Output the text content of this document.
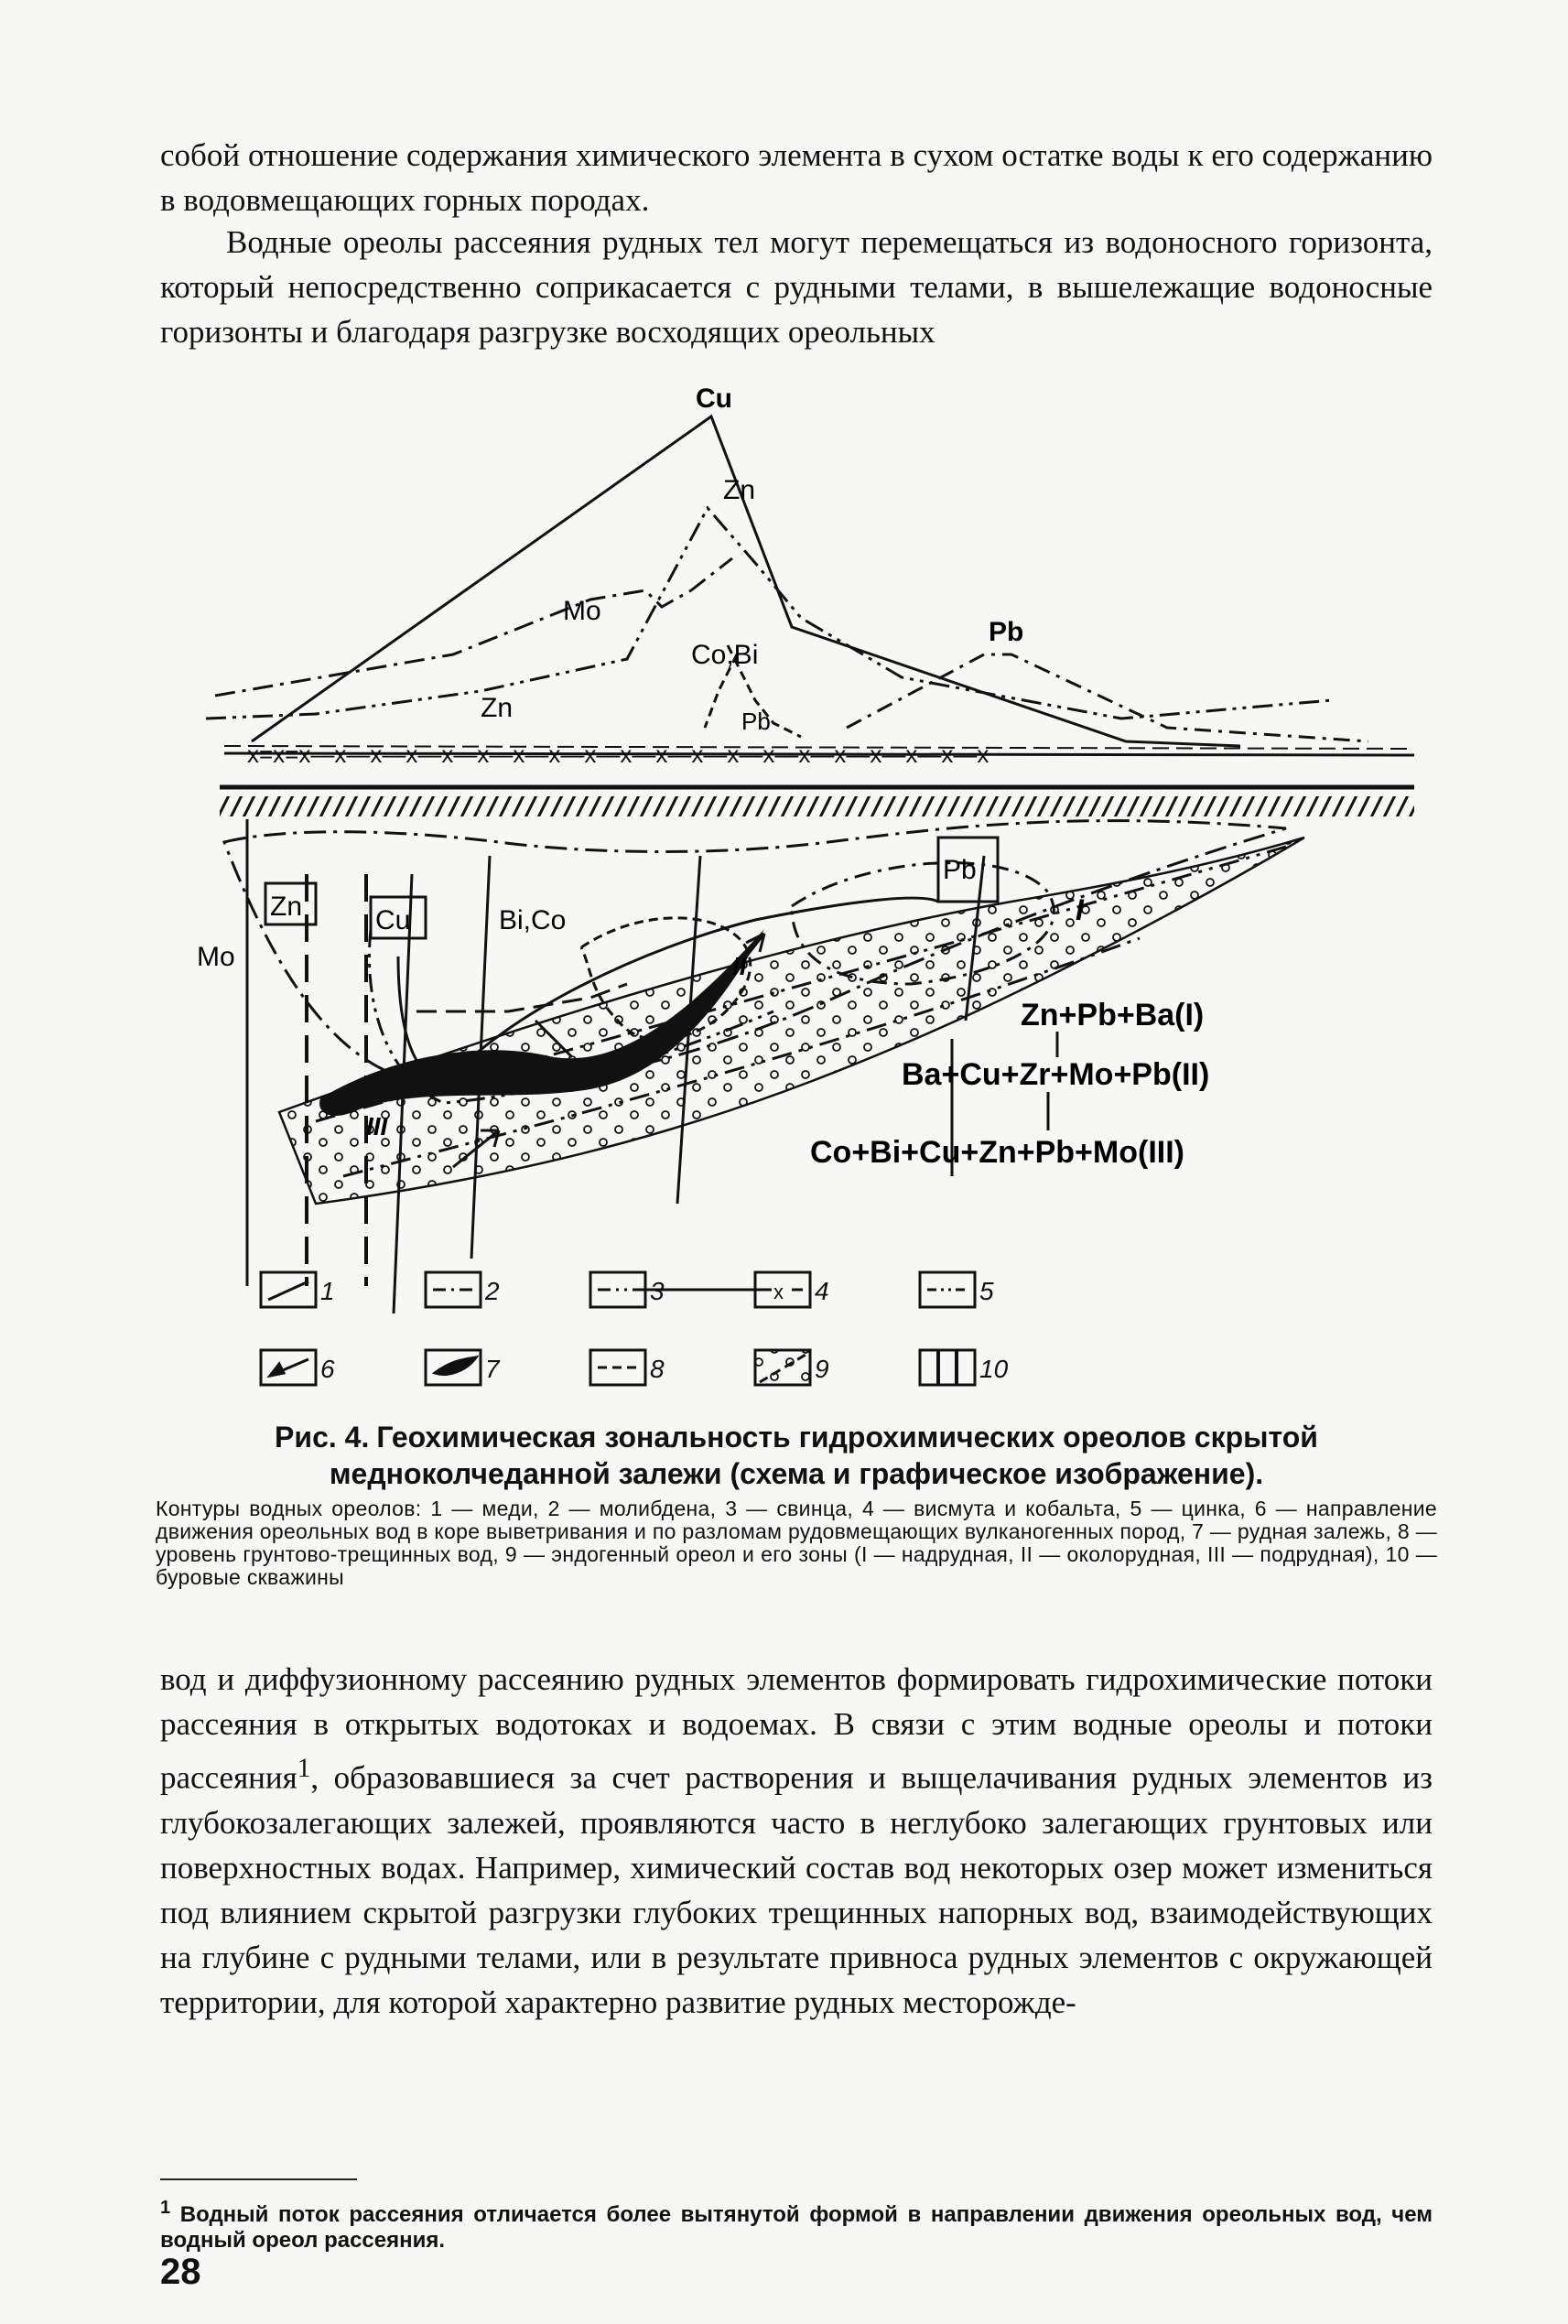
собой отношение содержания химического элемента в сухом остатке воды к его содержанию в водовмещающих горных породах.
Водные ореолы рассеяния рудных тел могут перемещаться из водоносного горизонта, который непосредственно соприкасается с рудными телами, в вышележащие водоносные горизонты и благодаря разгрузке восходящих ореольных
x=x=x—x—x—x—x—x—x—x—x—x—x—x—x—x—x—x—x—x—x—x
Cu
Zn
Mo
Co,Bi
Pb
Zn	Pb
Mo
Zn	Cu	Bi,Co
Pb
I
II
III
Zn+Pb+Ba(I)
Ba+Cu+Zr+Mo+Pb(II)
Co+Bi+Cu+Zn+Pb+Mo(III)
x
1	2	3	4	5
6	7	8	9	10
Рис. 4. Геохимическая зональность гидрохимических ореолов скрытой медноколчеданной залежи (схема и графическое изображение).
Контуры водных ореолов: 1 — меди, 2 — молибдена, 3 — свинца, 4 — висмута и кобальта, 5 — цинка, 6 — направление движения ореольных вод в коре выветривания и по разломам рудовмещающих вулканогенных пород, 7 — рудная залежь, 8 — уровень грунтово-трещинных вод, 9 — эндогенный ореол и его зоны (I — надрудная, II — околорудная, III — подрудная), 10 — буровые скважины
вод и диффузионному рассеянию рудных элементов формировать гидрохимические потоки рассеяния в открытых водотоках и водоемах. В связи с этим водные ореолы и потоки рассеяния$^1$, образовавшиеся за счет растворения и выщелачивания рудных элементов из глубокозалегающих залежей, проявляются часто в неглубоко залегающих грунтовых или поверхностных водах. Например, химический состав вод некоторых озер может измениться под влиянием скрытой разгрузки глубоких трещинных напорных вод, взаимодействующих на глубине с рудными телами, или в результате привноса рудных элементов с окружающей территории, для которой характерно развитие рудных месторожде-
$^1$ Водный поток рассеяния отличается более вытянутой формой в направлении движения ореольных вод, чем водный ореол рассеяния.
28
